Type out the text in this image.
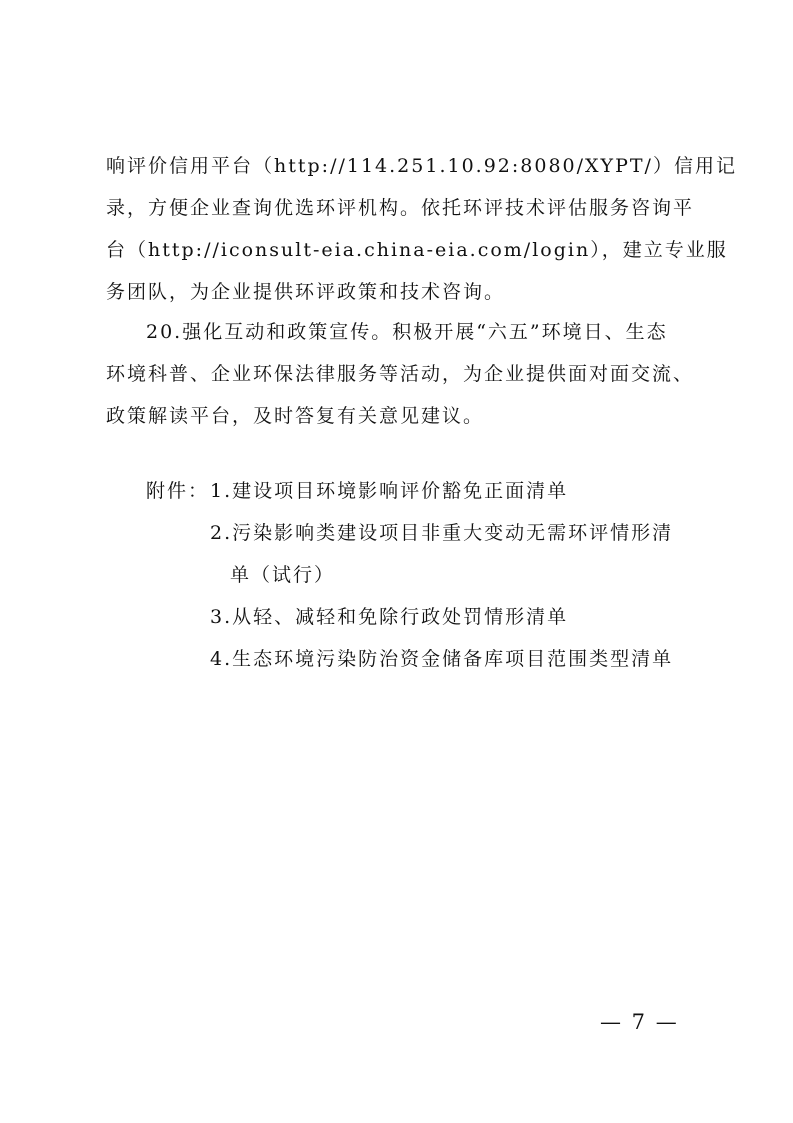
响评价信用平台（http://114.251.10.92:8080/XYPT/）信用记
录，方便企业查询优选环评机构。依托环评技术评估服务咨询平
台（http://iconsult-eia.china-eia.com/login），建立专业服
务团队，为企业提供环评政策和技术咨询。
20.强化互动和政策宣传。积极开展“六五”环境日、生态
环境科普、企业环保法律服务等活动，为企业提供面对面交流、
政策解读平台，及时答复有关意见建议。
附件：1.建设项目环境影响评价豁免正面清单
2.污染影响类建设项目非重大变动无需环评情形清
单（试行）
3.从轻、减轻和免除行政处罚情形清单
4.生态环境污染防治资金储备库项目范围类型清单
— 7 —
